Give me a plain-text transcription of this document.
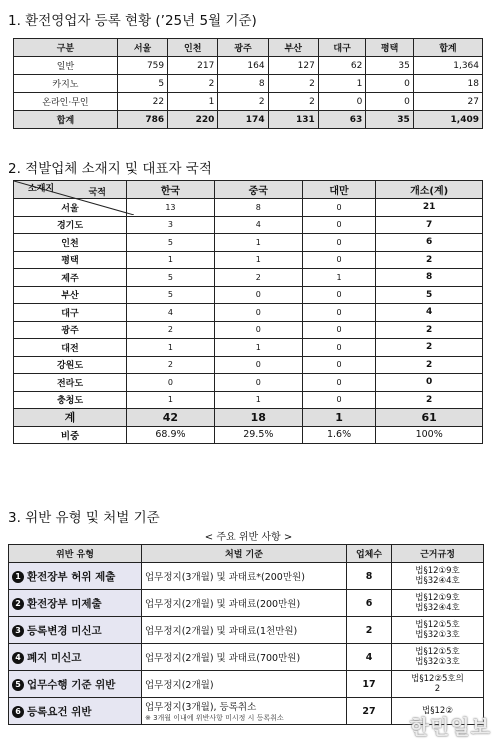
1. 환전영업자 등록 현황 (’25년 5월 기준)
구분	서울	인천	광주	부산	대구	평택	합계
일반	759	217	164	127	62	35	1,364
카지노	5	2	8	2	1	0	18
온라인·무인	22	1	2	2	0	0	27
합계	786	220	174	131	63	35	1,409
2. 적발업체 소재지 및 대표자 국적
국적
소재지	한국	중국	대만	개소(계)
서울	13	8	0	21
경기도	3	4	0	7
인천	5	1	0	6
평택	1	1	0	2
제주	5	2	1	8
부산	5	0	0	5
대구	4	0	0	4
광주	2	0	0	2
대전	1	1	0	2
강원도	2	0	0	2
전라도	0	0	0	0
충청도	1	1	0	2
계	42	18	1	61
비중	68.9%	29.5%	1.6%	100%
3. 위반 유형 및 처벌 기준
< 주요 위반 사항 >
위반 유형	처벌 기준	업체수	근거규정
1 환전장부 허위 제출	업무정지(3개월) 및 과태료*(200만원)	8	법§12①9호
법§32④4호

2 환전장부 미제출	업무정지(2개월) 및 과태료(200만원)	6	법§12①9호
법§32④4호

3 등록변경 미신고	업무정지(2개월) 및 과태료(1천만원)	2	법§12①5호
법§32①3호

4 폐지 미신고	업무정지(2개월) 및 과태료(700만원)	4	법§12①5호
법§32①3호

5 업무수행 기준 위반	업무정지(2개월)	17	법§12②5호의
2

6 등록요건 위반	업무정지(3개월), 등록취소
※ 3개월 이내에 위반사항 미시정 시 등록취소	27	법§12②
한민일보
